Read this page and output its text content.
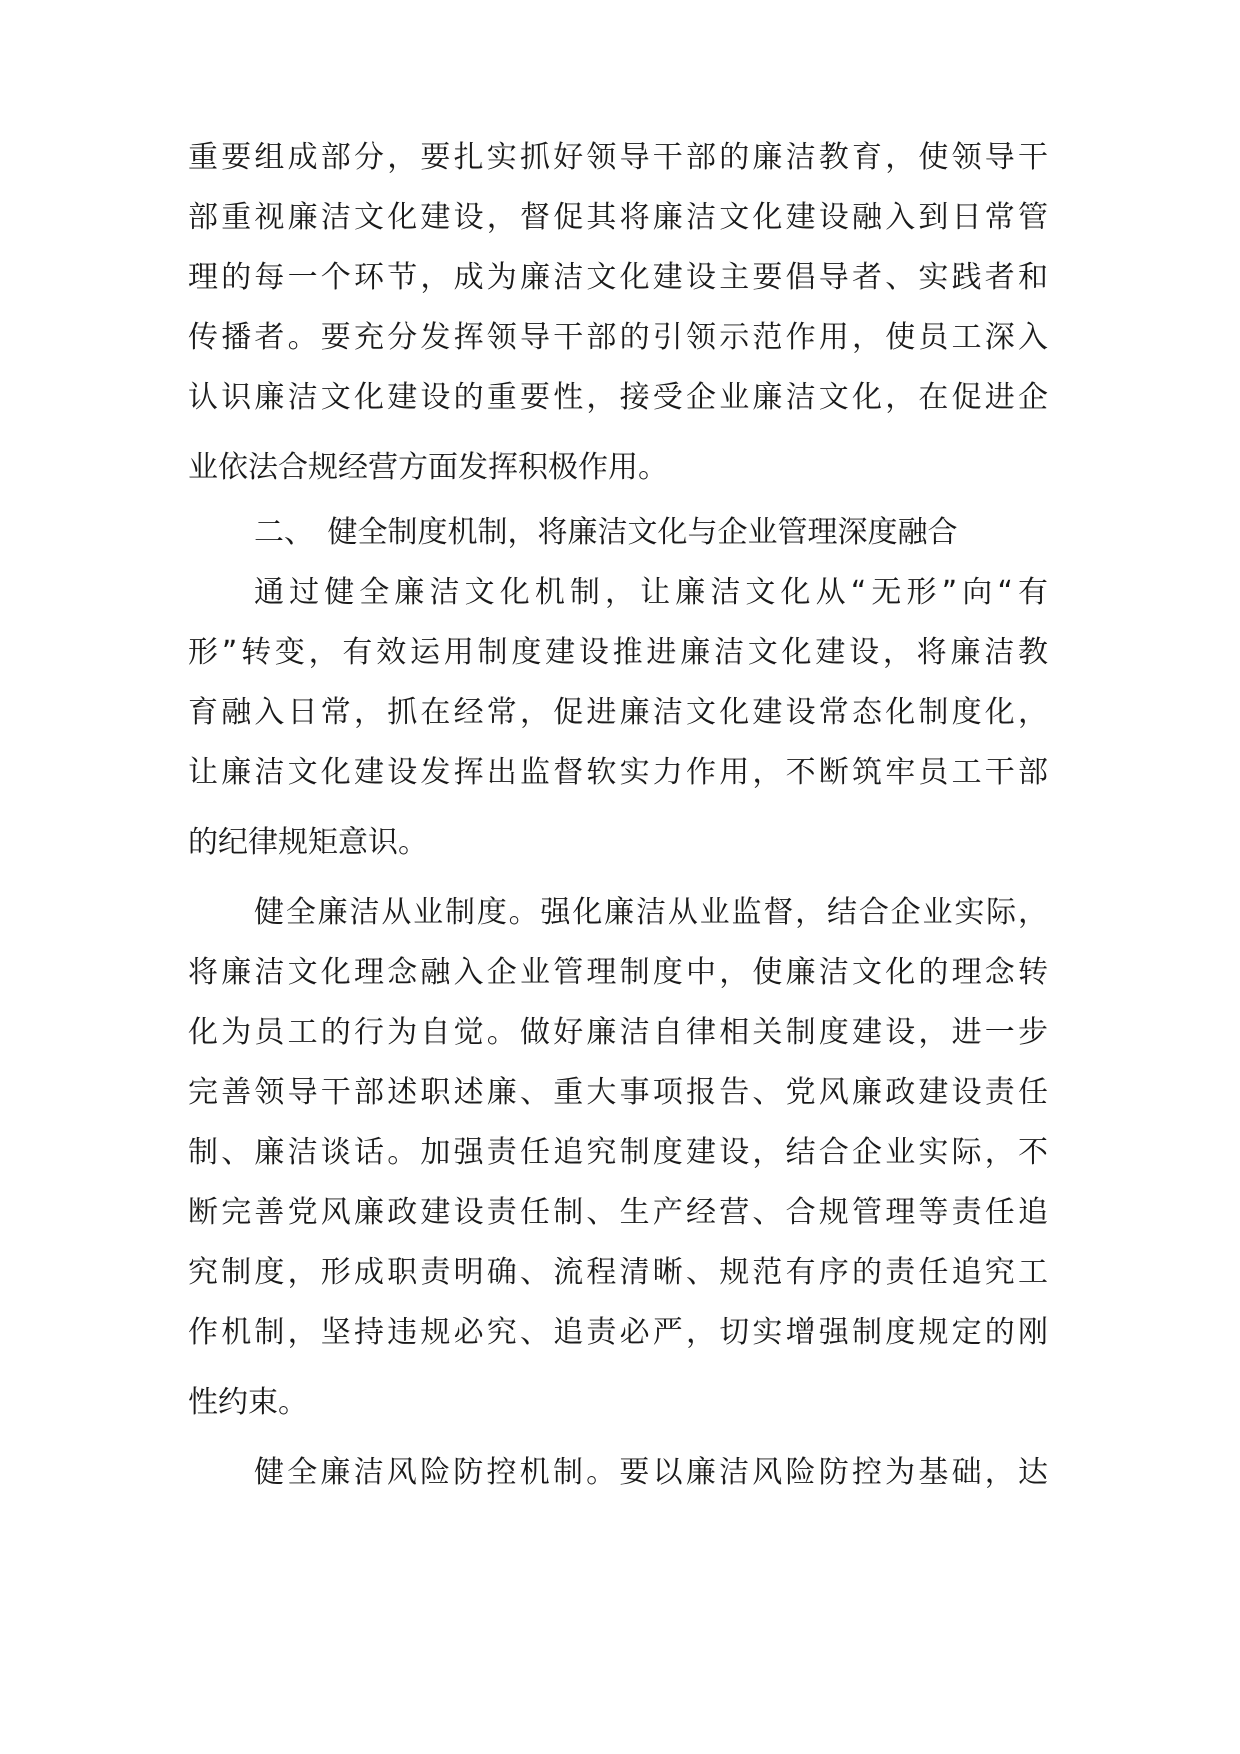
重要组成部分，要扎实抓好领导干部的廉洁教育，使领导干
部重视廉洁文化建设，督促其将廉洁文化建设融入到日常管
理的每一个环节，成为廉洁文化建设主要倡导者、实践者和
传播者。要充分发挥领导干部的引领示范作用，使员工深入
认识廉洁文化建设的重要性，接受企业廉洁文化，在促进企
业依法合规经营方面发挥积极作用。
二、 健全制度机制，将廉洁文化与企业管理深度融合
通过健全廉洁文化机制，让廉洁文化从“无形”向“有
形”转变，有效运用制度建设推进廉洁文化建设，将廉洁教
育融入日常，抓在经常，促进廉洁文化建设常态化制度化，
让廉洁文化建设发挥出监督软实力作用，不断筑牢员工干部
的纪律规矩意识。
健全廉洁从业制度。强化廉洁从业监督，结合企业实际，
将廉洁文化理念融入企业管理制度中，使廉洁文化的理念转
化为员工的行为自觉。做好廉洁自律相关制度建设，进一步
完善领导干部述职述廉、重大事项报告、党风廉政建设责任
制、廉洁谈话。加强责任追究制度建设，结合企业实际，不
断完善党风廉政建设责任制、生产经营、合规管理等责任追
究制度，形成职责明确、流程清晰、规范有序的责任追究工
作机制，坚持违规必究、追责必严，切实增强制度规定的刚
性约束。
健全廉洁风险防控机制。要以廉洁风险防控为基础，达
